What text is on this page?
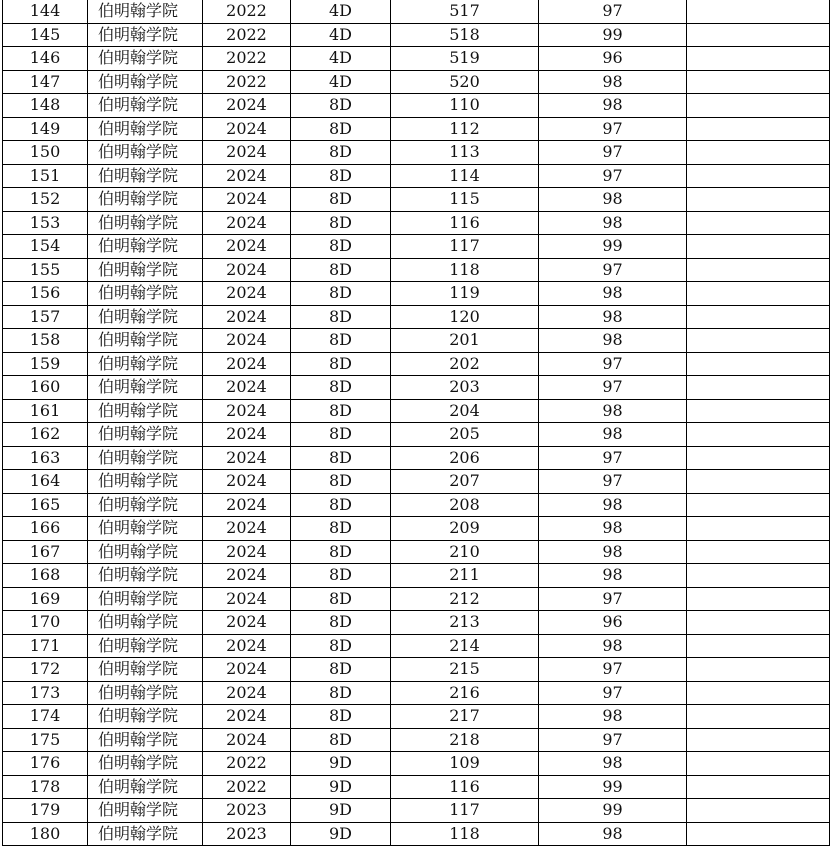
144	伯明翰学院	2022	4D	517	97	
145	伯明翰学院	2022	4D	518	99	
146	伯明翰学院	2022	4D	519	96	
147	伯明翰学院	2022	4D	520	98	
148	伯明翰学院	2024	8D	110	98	
149	伯明翰学院	2024	8D	112	97	
150	伯明翰学院	2024	8D	113	97	
151	伯明翰学院	2024	8D	114	97	
152	伯明翰学院	2024	8D	115	98	
153	伯明翰学院	2024	8D	116	98	
154	伯明翰学院	2024	8D	117	99	
155	伯明翰学院	2024	8D	118	97	
156	伯明翰学院	2024	8D	119	98	
157	伯明翰学院	2024	8D	120	98	
158	伯明翰学院	2024	8D	201	98	
159	伯明翰学院	2024	8D	202	97	
160	伯明翰学院	2024	8D	203	97	
161	伯明翰学院	2024	8D	204	98	
162	伯明翰学院	2024	8D	205	98	
163	伯明翰学院	2024	8D	206	97	
164	伯明翰学院	2024	8D	207	97	
165	伯明翰学院	2024	8D	208	98	
166	伯明翰学院	2024	8D	209	98	
167	伯明翰学院	2024	8D	210	98	
168	伯明翰学院	2024	8D	211	98	
169	伯明翰学院	2024	8D	212	97	
170	伯明翰学院	2024	8D	213	96	
171	伯明翰学院	2024	8D	214	98	
172	伯明翰学院	2024	8D	215	97	
173	伯明翰学院	2024	8D	216	97	
174	伯明翰学院	2024	8D	217	98	
175	伯明翰学院	2024	8D	218	97	
176	伯明翰学院	2022	9D	109	98	
178	伯明翰学院	2022	9D	116	99	
179	伯明翰学院	2023	9D	117	99	
180	伯明翰学院	2023	9D	118	98	
